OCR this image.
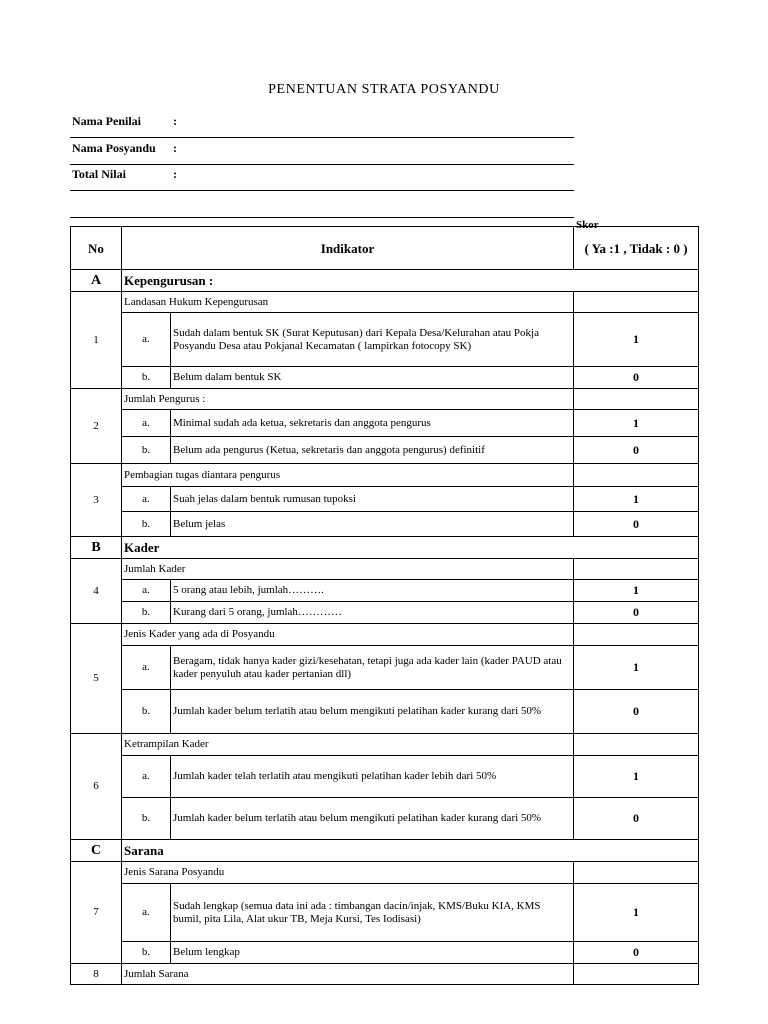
PENENTUAN STRATA POSYANDU
Nama Penilai	:
Nama Posyandu :
Total Nilai	:
No	Indikator		Skor
( Ya :1 , Tidak : 0 )
A	Kepengurusan :		
1	Landasan Hukum Kepengurusan		
	a.	Sudah dalam bentuk SK (Surat Keputusan) dari Kepala Desa/Kelurahan atau Pokja Posyandu Desa atau Pokjanal Kecamatan ( lampirkan fotocopy SK)	1
	b.	Belum dalam bentuk SK	0
2	Jumlah Pengurus :		
	a.	Minimal sudah ada ketua, sekretaris dan anggota pengurus	1
	b.	Belum ada pengurus (Ketua, sekretaris dan anggota pengurus) definitif	0
3	Pembagian tugas diantara pengurus		
	a.	Suah jelas dalam bentuk rumusan tupoksi	1
	b.	Belum jelas	0
B	Kader		
4	Jumlah Kader		
	a.	5 orang atau lebih, jumlah……….	1
	b.	Kurang dari 5 orang, jumlah…………	0
5	Jenis Kader yang ada di Posyandu		
	a.	Beragam, tidak hanya kader gizi/kesehatan, tetapi juga ada kader lain (kader PAUD atau kader penyuluh atau kader pertanian dll)	1
	b.	Jumlah kader belum terlatih atau belum mengikuti pelatihan kader kurang dari 50%	0
6	Ketrampilan Kader		
	a.	Jumlah kader telah terlatih atau mengikuti pelatihan kader lebih dari 50%	1
	b.	Jumlah kader belum terlatih atau belum mengikuti pelatihan kader kurang dari 50%	0
C	Sarana		
7	Jenis Sarana Posyandu		
	a.	Sudah lengkap (semua data ini ada : timbangan dacin/injak, KMS/Buku KIA, KMS bumil, pita Lila, Alat ukur TB, Meja Kursi, Tes Iodisasi)	1
	b.	Belum lengkap	0
8	Jumlah Sarana		
